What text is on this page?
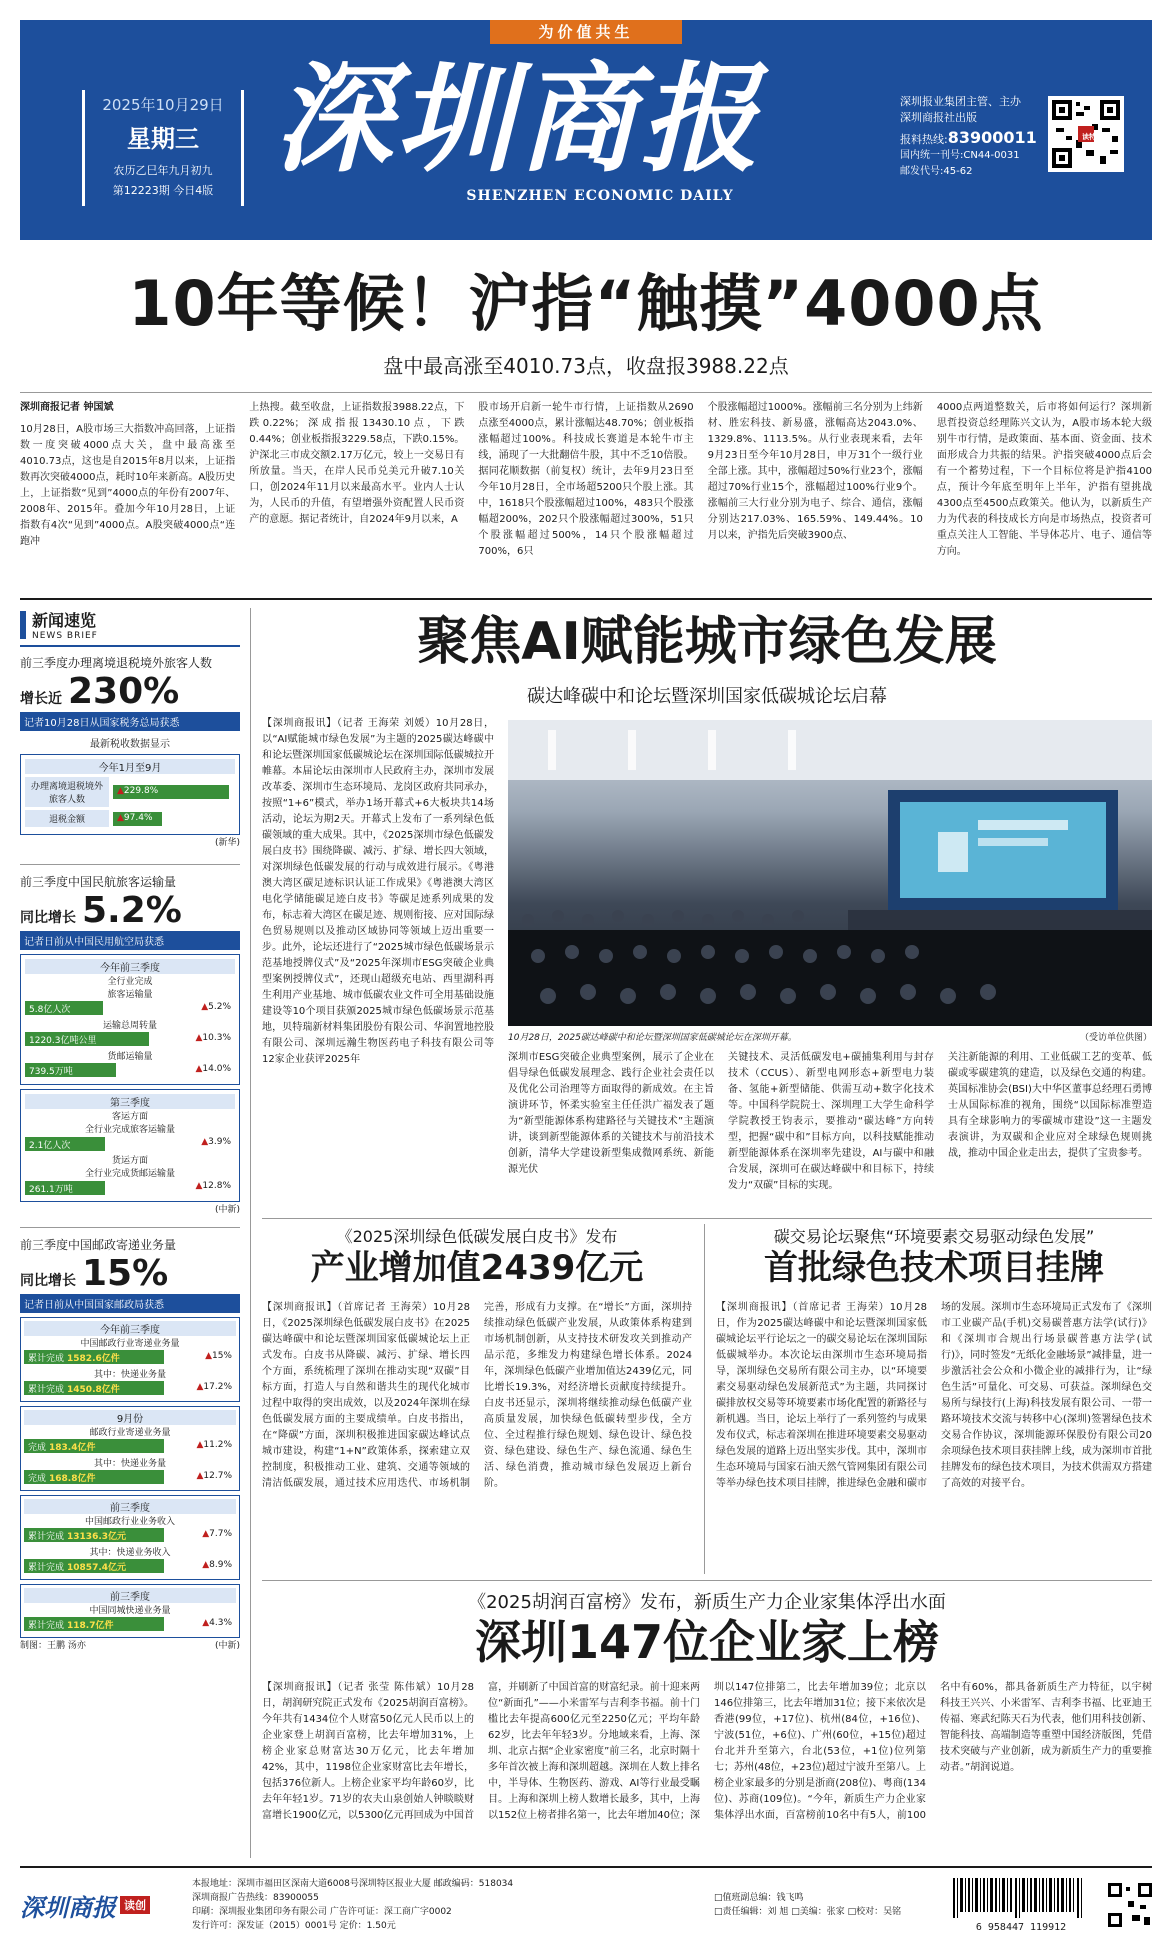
为价值共生
2025年10月29日
星期三
农历乙巳年九月初九
第12223期 今日4版
深圳商报
SHENZHEN ECONOMIC DAILY
深圳报业集团主管、主办
深圳商报社出版
报料热线:83900011
国内统一刊号:CN44-0031
邮发代号:45-62
读特
10年等候！沪指“触摸”4000点
盘中最高涨至4010.73点，收盘报3988.22点
深圳商报记者 钟国斌
10月28日，A股市场三大指数冲高回落，上证指数一度突破4000点大关，盘中最高涨至4010.73点，这也是自2015年8月以来，上证指数再次突破4000点，耗时10年来新高。A股历史上，上证指数“见到”4000点的年份有2007年、2008年、2015年。叠加今年10月28日，上证指数有4次“见到”4000点。A股突破4000点“连跑冲
上热搜。截至收盘，上证指数报3988.22点，下跌0.22%；深成指报13430.10点，下跌0.44%；创业板指报3229.58点，下跌0.15%。沪深北三市成交额2.17万亿元，较上一交易日有所放量。当天，在岸人民币兑美元升破7.10关口，创2024年11月以来最高水平。业内人士认为，人民币的升值，有望增强外资配置人民币资产的意愿。据记者统计，自2024年9月以来，A
股市场开启新一轮牛市行情，上证指数从2690点涨至4000点，累计涨幅达48.70%；创业板指涨幅超过100%。科技成长赛道是本轮牛市主线，涌现了一大批翻倍牛股，其中不乏10倍股。据同花顺数据（前复权）统计，去年9月23日至今年10月28日，全市场超5200只个股上涨。其中，1618只个股涨幅超过100%，483只个股涨幅超200%，202只个股涨幅超过300%，51只个股涨幅超过500%，14只个股涨幅超过700%，6只
个股涨幅超过1000%。涨幅前三名分别为上纬新材、胜宏科技、新易盛，涨幅高达2043.0%、1329.8%、1113.5%。从行业表现来看，去年9月23日至今年10月28日，申万31个一级行业全部上涨。其中，涨幅超过50%行业23个，涨幅超过70%行业15个，涨幅超过100%行业9个。涨幅前三大行业分别为电子、综合、通信，涨幅分别达217.03%、165.59%、149.44%。10月以来，沪指先后突破3900点、
4000点两道整数关，后市将如何运行？深圳新思哲投资总经理陈兴文认为，A股市场本轮大级别牛市行情，是政策面、基本面、资金面、技术面形成合力共振的结果。沪指突破4000点后会有一个蓄势过程，下一个目标位将是沪指4100点，预计今年底至明年上半年，沪指有望挑战4300点至4500点政策关。他认为，以新质生产力为代表的科技成长方向是市场热点，投资者可重点关注人工智能、半导体芯片、电子、通信等方向。
新闻速览
NEWS BRIEF
前三季度办理离境退税境外旅客人数
增长近 230%
记者10月28日从国家税务总局获悉
最新税收数据显示
今年1月至9月
办理离境退税境外旅客人数
▲229.8%
退税金额	▲97.4%
(新华)
前三季度中国民航旅客运输量
同比增长 5.2%
记者日前从中国民用航空局获悉
今年前三季度
全行业完成
旅客运输量
5.8亿人次	▲5.2%
运输总周转量
1220.3亿吨公里	▲10.3%
货邮运输量
739.5万吨	▲14.0%
第三季度
客运方面
全行业完成旅客运输量
2.1亿人次	▲3.9%
货运方面
全行业完成货邮运输量
261.1万吨	▲12.8%
(中新)
前三季度中国邮政寄递业务量
同比增长 15%
记者日前从中国国家邮政局获悉
今年前三季度
中国邮政行业寄递业务量
累计完成 1582.6亿件	▲15%
其中：快递业务量
累计完成 1450.8亿件	▲17.2%
9月份
邮政行业寄递业务量
完成 183.4亿件	▲11.2%
其中：快递业务量
完成 168.8亿件	▲12.7%
前三季度
中国邮政行业业务收入
累计完成 13136.3亿元	▲7.7%
其中：快递业务收入
累计完成 10857.4亿元	▲8.9%
前三季度
中国同城快递业务量
累计完成 118.7亿件	▲4.3%
制图：王鹏 汤亦	(中新)
聚焦AI赋能城市绿色发展
碳达峰碳中和论坛暨深圳国家低碳城论坛启幕
【深圳商报讯】（记者 王海荣 刘媛）10月28日，以“AI赋能城市绿色发展”为主题的2025碳达峰碳中和论坛暨深圳国家低碳城论坛在深圳国际低碳城拉开帷幕。本届论坛由深圳市人民政府主办，深圳市发展改革委、深圳市生态环境局、龙岗区政府共同承办，按照“1+6”模式，举办1场开幕式+6大板块共14场活动，论坛为期2天。开幕式上发布了一系列绿色低碳领域的重大成果。其中，《2025深圳市绿色低碳发展白皮书》围绕降碳、减污、扩绿、增长四大领域，对深圳绿色低碳发展的行动与成效进行展示。《粤港澳大湾区碳足迹标识认证工作成果》《粤港澳大湾区电化学储能碳足迹白皮书》等碳足迹系列成果的发布，标志着大湾区在碳足迹、规则衔接、应对国际绿色贸易规则以及推动区域协同等领域上迈出重要一步。此外，论坛还进行了“2025城市绿色低碳场景示范基地授牌仪式”及“2025年深圳市ESG突破企业典型案例授牌仪式”，还现山超级充电站、西里湖科再生利用产业基地、城市低碳农业文件可全用基础设施建设等10个项目获颁2025城市绿色低碳场景示范基地，贝特瑞新材料集团股份有限公司、华润置地控股有限公司、深圳远瀚生物医药电子科技有限公司等12家企业获评2025年
10月28日，2025碳达峰碳中和论坛暨深圳国家低碳城论坛在深圳开幕。	（受访单位供图）
深圳市ESG突破企业典型案例，展示了企业在倡导绿色低碳发展理念、践行企业社会责任以及优化公司治理等方面取得的新成效。在主旨演讲环节，怀柔实验室主任任洪广福发表了题为“新型能源体系构建路径与关键技术”主题演讲，谈到新型能源体系的关键技术与前沿技术创新，清华大学建设新型集成微网系统、新能源光伏
关键技术、灵活低碳发电+碳捕集利用与封存技术（CCUS）、新型电网形态+新型电力装备、氢能+新型储能、供需互动+数字化技术等。中国科学院院士、深圳理工大学生命科学学院教授王钧表示，要推动“碳达峰”方向转型，把握“碳中和”目标方向，以科技赋能推动新型能源体系在深圳率先建设，AI与碳中和融合发展，深圳可在碳达峰碳中和目标下，持续发力“双碳”目标的实现。
关注新能源的利用、工业低碳工艺的变革、低碳或零碳建筑的建造，以及绿色交通的构建。英国标准协会(BSI)大中华区董事总经理石勇博士从国际标准的视角，围绕“以国际标准塑造具有全球影响力的零碳城市建设”这一主题发表演讲，为双碳和企业应对全球绿色规则挑战，推动中国企业走出去，提供了宝贵参考。
《2025深圳绿色低碳发展白皮书》发布
产业增加值2439亿元
【深圳商报讯】（首席记者 王海荣）10月28日，《2025深圳绿色低碳发展白皮书》在2025碳达峰碳中和论坛暨深圳国家低碳城论坛上正式发布。白皮书从降碳、减污、扩绿、增长四个方面，系统梳理了深圳在推动实现“双碳”目标方面，打造人与自然和谐共生的现代化城市过程中取得的突出成效，以及2024年深圳在绿色低碳发展方面的主要成绩单。白皮书指出，在“降碳”方面，深圳积极推进国家碳达峰试点城市建设，构建“1+N”政策体系，探索建立双控制度，积极推动工业、建筑、交通等领域的清洁低碳发展，通过技术应用迭代、市场机制完善，形成有力支撑。在“增长”方面，深圳持续推动绿色低碳产业发展，从政策体系构建到市场机制创新，从支持技术研发攻关到推动产品示范，多维发力构建绿色增长体系。2024年，深圳绿色低碳产业增加值达2439亿元，同比增长19.3%，对经济增长贡献度持续提升。白皮书还显示，深圳将继续推动绿色低碳产业高质量发展，加快绿色低碳转型步伐，全方位、全过程推行绿色规划、绿色设计、绿色投资、绿色建设、绿色生产、绿色流通、绿色生活、绿色消费，推动城市绿色发展迈上新台阶。
碳交易论坛聚焦“环境要素交易驱动绿色发展”
首批绿色技术项目挂牌
【深圳商报讯】（首席记者 王海荣）10月28日，作为2025碳达峰碳中和论坛暨深圳国家低碳城论坛平行论坛之一的碳交易论坛在深圳国际低碳城举办。本次论坛由深圳市生态环境局指导，深圳绿色交易所有限公司主办，以“环境要素交易驱动绿色发展新范式”为主题，共同探讨碳排放权交易等环境要素市场化配置的新路径与新机遇。当日，论坛上举行了一系列签约与成果发布仪式，标志着深圳在推进环境要素交易驱动绿色发展的道路上迈出坚实步伐。其中，深圳市生态环境局与国家石油天然气管网集团有限公司等举办绿色技术项目挂牌，推进绿色金融和碳市场的发展。深圳市生态环境局正式发布了《深圳市工业碳产品(手机)交易碳普惠方法学(试行)》和《深圳市合规出行场景碳普惠方法学(试行)》，同时签发“无纸化金融场景”减排量，进一步激活社会公众和小微企业的减排行为，让“绿色生活”可量化、可交易、可获益。深圳绿色交易所与绿技行(上海)科技发展有限公司、一带一路环境技术交流与转移中心(深圳)签署绿色技术交易合作协议，深圳能源环保股份有限公司20余项绿色技术项目获挂牌上线，成为深圳市首批挂牌发布的绿色技术项目，为技术供需双方搭建了高效的对接平台。
《2025胡润百富榜》发布，新质生产力企业家集体浮出水面
深圳147位企业家上榜
【深圳商报讯】（记者 张莹 陈伟斌）10月28日，胡润研究院正式发布《2025胡润百富榜》。今年共有1434位个人财富50亿元人民币以上的企业家登上胡润百富榜，比去年增加31%，上榜企业家总财富达30万亿元，比去年增加42%，其中，1198位企业家财富比去年增长，包括376位新人。上榜企业家平均年龄60岁，比去年年轻1岁。71岁的农夫山泉创始人钟睒睒财富增长1900亿元，以5300亿元再回成为中国首富，并刷新了中国首富的财富纪录。前十迎来两位“新面孔”——小米雷军与吉利李书福。前十门槛比去年提高600亿元至2250亿元；平均年龄62岁，比去年年轻3岁。分地域来看，上海、深圳、北京占据“企业家密度”前三名，北京时隔十多年首次被上海和深圳超越。深圳在人数上排名中，半导体、生物医药、游戏、AI等行业最受瞩目。上海和深圳上榜人数增长最多，其中，上海以152位上榜者排名第一，比去年增加40位；深圳以147位排第二，比去年增加39位；北京以146位排第三，比去年增加31位；接下来依次是香港(99位，+17位)、杭州(84位，+16位)、宁波(51位，+6位)、广州(60位，+15位)超过台北并升至第六，台北(53位，+1位)位列第七；苏州(48位，+23位)超过宁波升至第八。上榜企业家最多的分别是浙商(208位)、粤商(134位)、苏商(109位)。“今年，新质生产力企业家集体浮出水面，百富榜前10名中有5人，前100名中有60%，都具备新质生产力特征，以宇树科技王兴兴、小米雷军、吉利李书福、比亚迪王传福、寒武纪陈天石为代表，他们用科技创新、智能科技、高端制造等重塑中国经济版图，凭借技术突破与产业创新，成为新质生产力的重要推动者。”胡润说道。
深圳商报 读创
本报地址：深圳市福田区深南大道6008号深圳特区报业大厦 邮政编码：518034
深圳商报广告热线：83900055
印刷：深圳报业集团印务有限公司 广告许可证：深工商广字0002
发行许可：深发证（2015）0001号 定价：1.50元
□值班副总编：钱飞鸣
□责任编辑：刘 旭 □美编：张家 □校对：吴铭
6 958447 119912
